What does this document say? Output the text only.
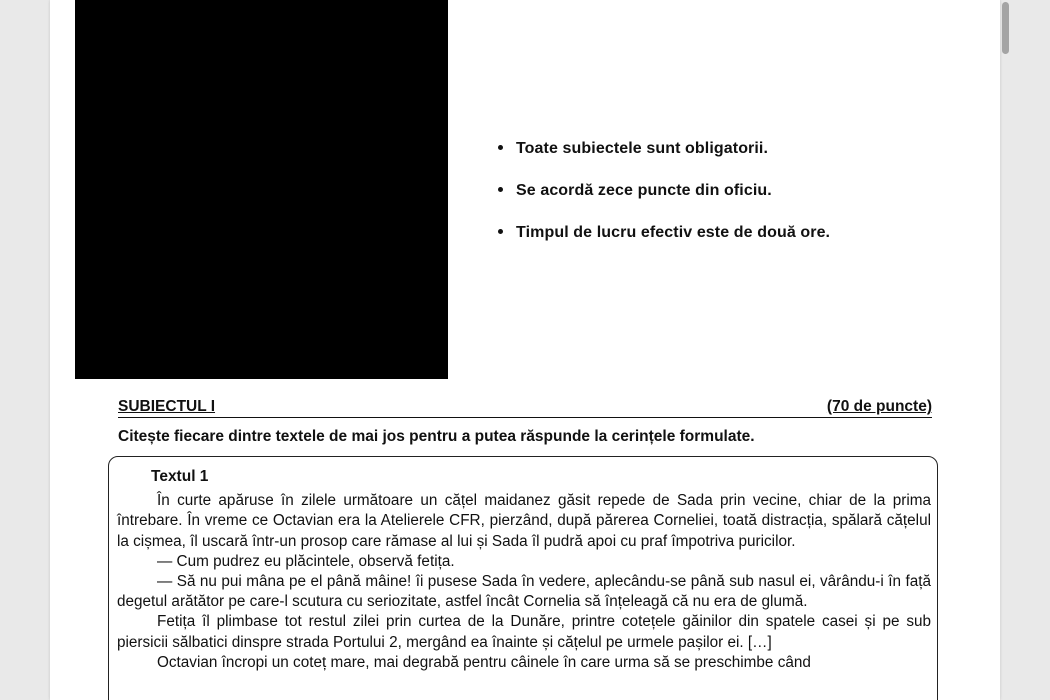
Toate subiectele sunt obligatorii.
Se acordă zece puncte din oficiu.
Timpul de lucru efectiv este de două ore.
SUBIECTUL I	(70 de puncte)
Citește fiecare dintre textele de mai jos pentru a putea răspunde la cerințele formulate.
Textul 1

În curte apăruse în zilele următoare un cățel maidanez găsit repede de Sada prin vecine, chiar de la prima întrebare. În vreme ce Octavian era la Atelierele CFR, pierzând, după părerea Corneliei, toată distracția, spălară cățelul la cișmea, îl uscară într-un prosop care rămase al lui și Sada îl pudră apoi cu praf împotriva puricilor.

— Cum pudrez eu plăcintele, observă fetița.

— Să nu pui mâna pe el până mâine! îi pusese Sada în vedere, aplecându-se până sub nasul ei, vârându-i în față degetul arătător pe care-l scutura cu seriozitate, astfel încât Cornelia să înțeleagă că nu era de glumă.

Fetița îl plimbase tot restul zilei prin curtea de la Dunăre, printre cotețele găinilor din spatele casei și pe sub piersicii sălbatici dinspre strada Portului 2, mergând ea înainte și cățelul pe urmele pașilor ei. […]

Octavian încropi un coteț mare, mai degrabă pentru câinele în care urma să se preschimbe când
